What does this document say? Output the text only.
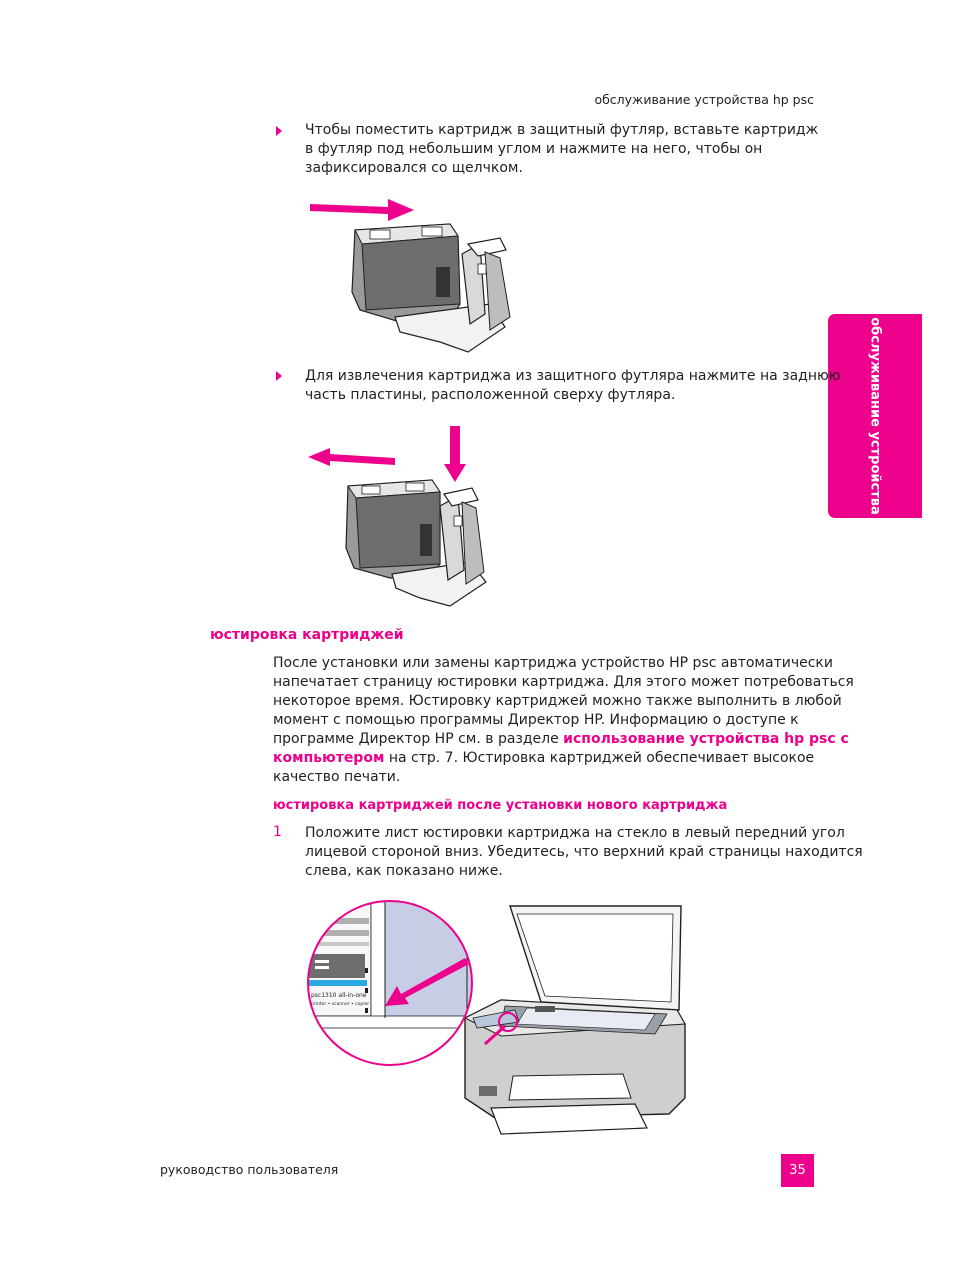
обслуживание устройства hp psc
обслуживание устройства

Чтобы поместить картридж в защитный футляр, вставьте картридж

в футляр под небольшим углом и нажмите на него, чтобы он

зафиксировался со щелчком.

Для извлечения картриджа из защитного футляра нажмите на заднюю

часть пластины, расположенной сверху футляра.

юстировка картриджей

После установки или замены картриджа устройство HP psc автоматически

напечатает страницу юстировки картриджа. Для этого может потребоваться

некоторое время. Юстировку картриджей можно также выполнить в любой

момент с помощью программы Директор HP. Информацию о доступе к

программе Директор HP см. в разделе использование устройства hp psc с

компьютером на стр. 7. Юстировка картриджей обеспечивает высокое

качество печати.

юстировка картриджей после установки нового картриджа
1 Положите лист юстировки картриджа на стекло в левый передний угол

лицевой стороной вниз. Убедитесь, что верхний край страницы находится

слева, как показано ниже.

psc1310 all-in-one
printer • scanner • copier
руководство пользователя	35
